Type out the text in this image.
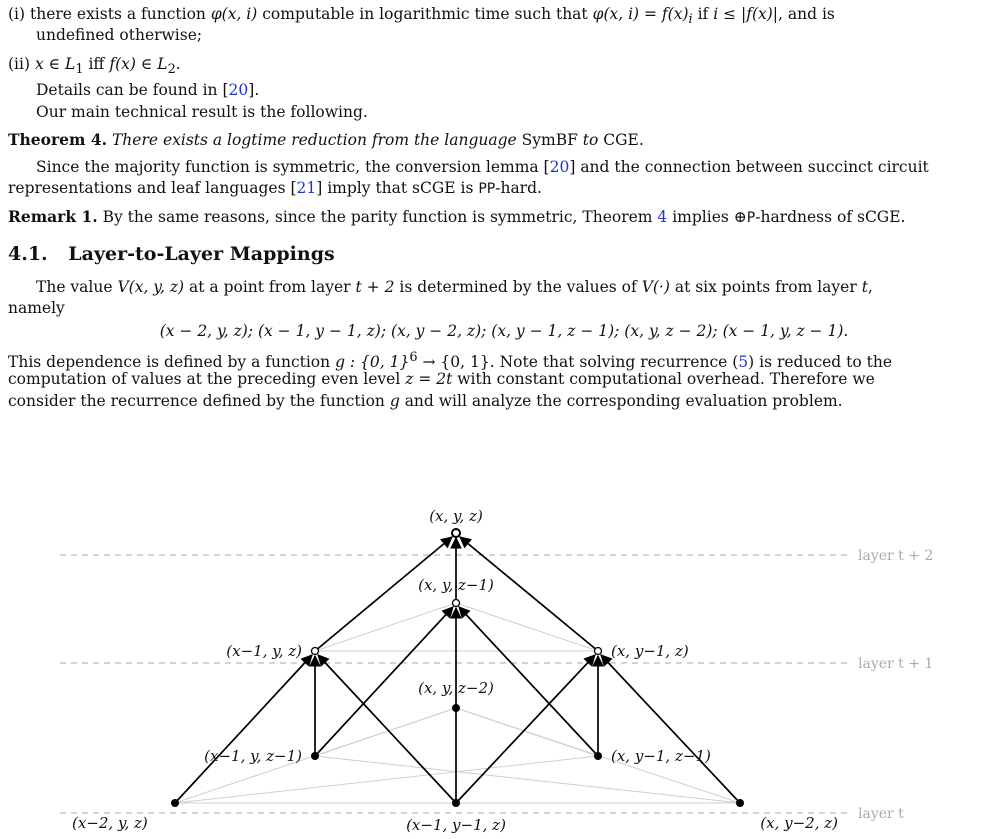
(i) there exists a function φ(x, i) computable in logarithmic time such that φ(x, $i) = f(x)_i$ if i ≤ |f(x)|, and is
undefined otherwise;
(ii) x ∈ $L_1$ iff f(x) ∈ $L_2$.
Details can be found in [20].
Our main technical result is the following.
Theorem 4. There exists a logtime reduction from the language SymBF to CGE.
Since the majority function is symmetric, the conversion lemma [20] and the connection between succinct circuit
representations and leaf languages [21] imply that sCGE is PP-hard.
Remark 1. By the same reasons, since the parity function is symmetric, Theorem 4 implies ⊕P-hardness of sCGE.
4.1. Layer-to-Layer Mappings
The value V(x, y, z) at a point from layer t + 2 is determined by the values of V(·) at six points from layer t,
namely
(x − 2, y, z); (x − 1, y − 1, z); (x, y − 2, z); (x, y − 1, z − 1); (x, y, z − 2); (x − 1, y, z − 1).
This dependence is defined by a function g : {0, 1}$^6$ → {0, 1}. Note that solving recurrence (5) is reduced to the
computation of values at the preceding even level z = 2t with constant computational overhead. Therefore we
consider the recurrence defined by the function g and will analyze the corresponding evaluation problem.
layer t + 2
layer t + 1
layer t
(x, y, z)
(x, y, z−1)
(x−1, y, z)	(x, y−1, z)
(x, y, z−2)
(x−1, y, z−1)	(x, y−1, z−1)
(x−2, y, z)	(x−1, y−1, z)	(x, y−2, z)
